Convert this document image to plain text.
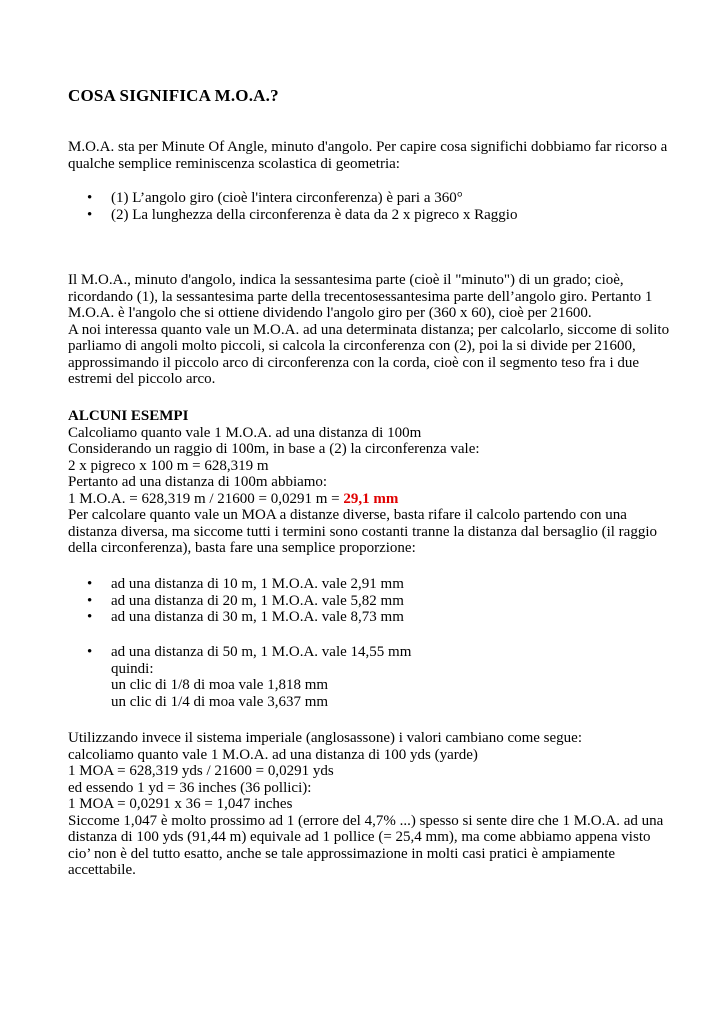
COSA SIGNIFICA M.O.A.?

M.O.A. sta per Minute Of Angle, minuto d'angolo. Per capire cosa significhi dobbiamo far ricorso a
qualche semplice reminiscenza scolastica di geometria:

• (1) L’angolo giro (cioè l'intera circonferenza) è pari a 360°
• (2) La lunghezza della circonferenza è data da 2 x pigreco x Raggio

Il M.O.A., minuto d'angolo, indica la sessantesima parte (cioè il "minuto") di un grado; cioè,
ricordando (1), la sessantesima parte della trecentosessantesima parte dell’angolo giro. Pertanto 1
M.O.A. è l'angolo che si ottiene dividendo l'angolo giro per (360 x 60), cioè per 21600.
A noi interessa quanto vale un M.O.A. ad una determinata distanza; per calcolarlo, siccome di solito
parliamo di angoli molto piccoli, si calcola la circonferenza con (2), poi la si divide per 21600,
approssimando il piccolo arco di circonferenza con la corda, cioè con il segmento teso fra i due
estremi del piccolo arco.

ALCUNI ESEMPI
Calcoliamo quanto vale 1 M.O.A. ad una distanza di 100m
Considerando un raggio di 100m, in base a (2) la circonferenza vale:
2 x pigreco x 100 m = 628,319 m
Pertanto ad una distanza di 100m abbiamo:
1 M.O.A. = 628,319 m / 21600 = 0,0291 m = 29,1 mm
Per calcolare quanto vale un MOA a distanze diverse, basta rifare il calcolo partendo con una
distanza diversa, ma siccome tutti i termini sono costanti tranne la distanza dal bersaglio (il raggio
della circonferenza), basta fare una semplice proporzione:
• ad una distanza di 10 m, 1 M.O.A. vale 2,91 mm
• ad una distanza di 20 m, 1 M.O.A. vale 5,82 mm
• ad una distanza di 30 m, 1 M.O.A. vale 8,73 mm
• ad una distanza di 50 m, 1 M.O.A. vale 14,55 mm
quindi:
un clic di 1/8 di moa vale 1,818 mm
un clic di 1/4 di moa vale 3,637 mm

Utilizzando invece il sistema imperiale (anglosassone) i valori cambiano come segue:
calcoliamo quanto vale 1 M.O.A. ad una distanza di 100 yds (yarde)
1 MOA = 628,319 yds / 21600 = 0,0291 yds
ed essendo 1 yd = 36 inches (36 pollici):
1 MOA = 0,0291 x 36 = 1,047 inches
Siccome 1,047 è molto prossimo ad 1 (errore del 4,7% ...) spesso si sente dire che 1 M.O.A. ad una
distanza di 100 yds (91,44 m) equivale ad 1 pollice (= 25,4 mm), ma come abbiamo appena visto
cio’ non è del tutto esatto, anche se tale approssimazione in molti casi pratici è ampiamente
accettabile.
